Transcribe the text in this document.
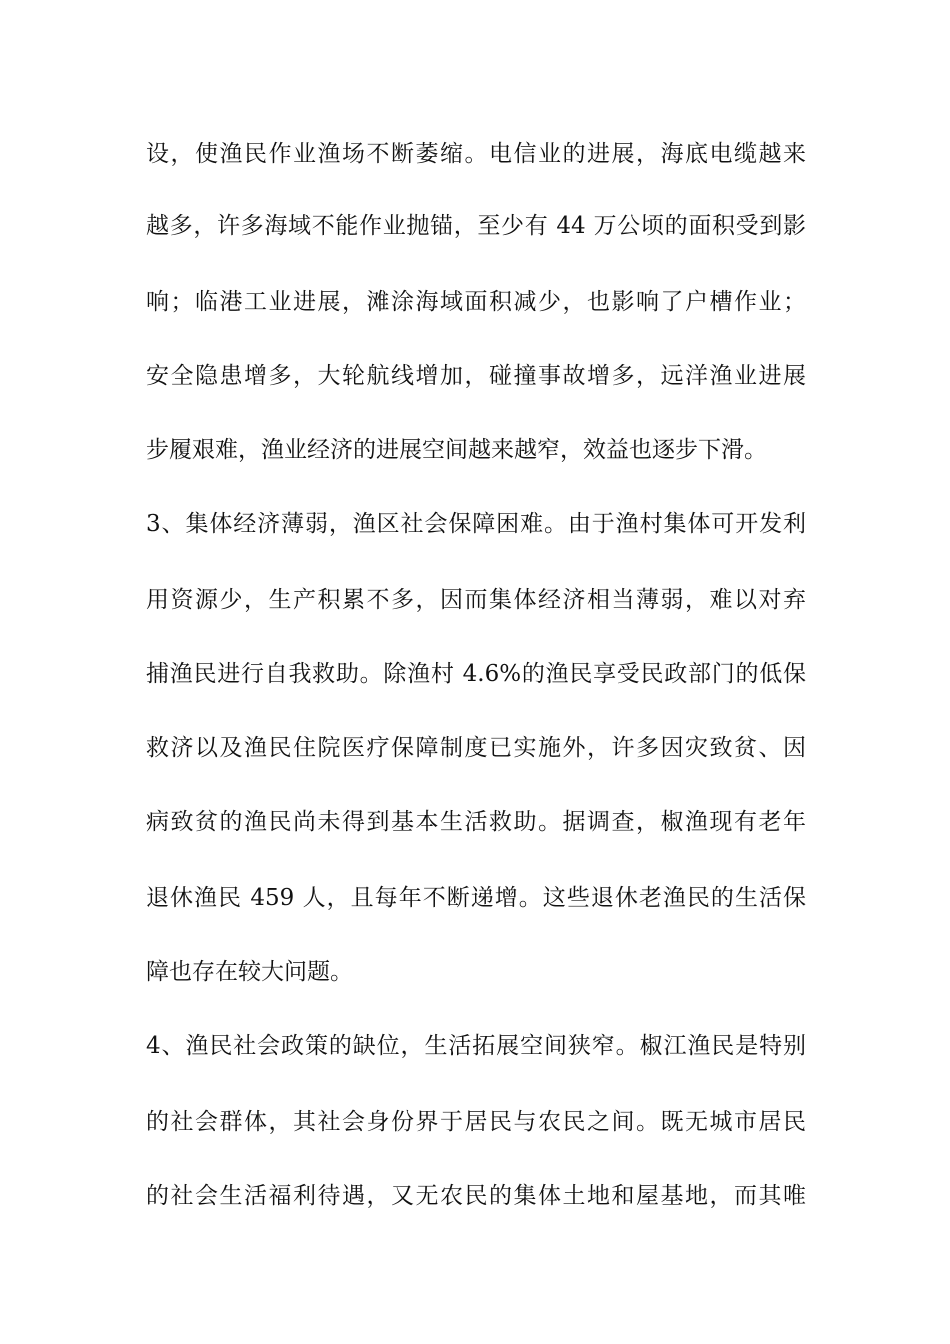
设，使渔民作业渔场不断萎缩。电信业的进展，海底电缆越来

越多，许多海域不能作业抛锚，至少有 44 万公顷的面积受到影

响；临港工业进展，滩涂海域面积减少，也影响了户槽作业；

安全隐患增多，大轮航线增加，碰撞事故增多，远洋渔业进展

步履艰难，渔业经济的进展空间越来越窄，效益也逐步下滑。

3、集体经济薄弱，渔区社会保障困难。由于渔村集体可开发利

用资源少，生产积累不多，因而集体经济相当薄弱，难以对弃

捕渔民进行自我救助。除渔村 4.6%的渔民享受民政部门的低保

救济以及渔民住院医疗保障制度已实施外，许多因灾致贫、因

病致贫的渔民尚未得到基本生活救助。据调查，椒渔现有老年

退休渔民 459 人，且每年不断递增。这些退休老渔民的生活保

障也存在较大问题。

4、渔民社会政策的缺位，生活拓展空间狭窄。椒江渔民是特别

的社会群体，其社会身份界于居民与农民之间。既无城市居民

的社会生活福利待遇，又无农民的集体土地和屋基地，而其唯
